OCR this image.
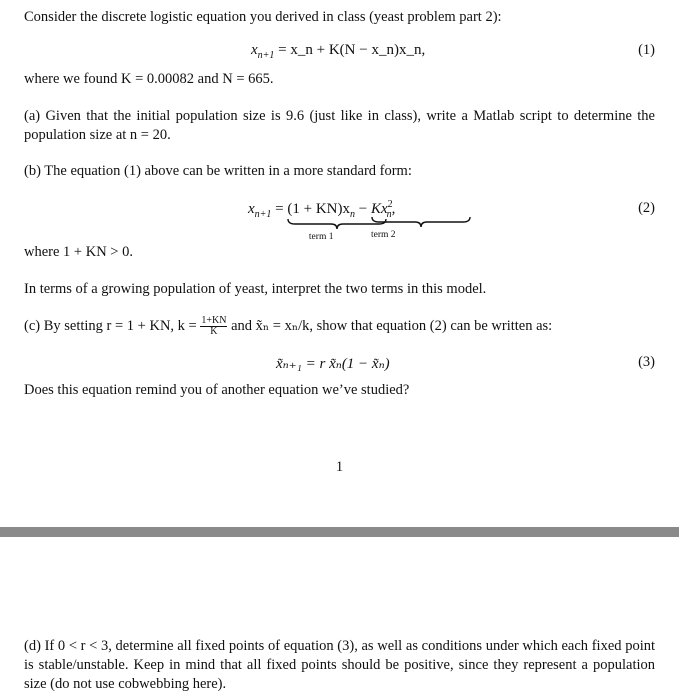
Consider the discrete logistic equation you derived in class (yeast problem part 2):
$x_{n+1}$ = x_n + K(N − x_n)x_n,	(1)
where we found K = 0.00082 and N = 665.
(a) Given that the initial population size is 9.6 (just like in class), write a Matlab script to determine the population size at n = 20.
(b) The equation (1) above can be written in a more standard form:
$x_{n+1} = (1 + KN)x_n$
term 1
− $Kx^2_n$,
term 2
(2)
where 1 + KN > 0.
In terms of a growing population of yeast, interpret the two terms in this model.
(c) By setting r = 1 + KN, $k = \frac{1+KN}{K}$ and x̃ₙ = xₙ/k, show that equation (2) can be written as:
x̃ₙ₊₁ = r x̃ₙ(1 − x̃ₙ)	(3)
Does this equation remind you of another equation we’ve studied?
1
(d) If 0 < r < 3, determine all fixed points of equation (3), as well as conditions under which each fixed point is stable/unstable. Keep in mind that all fixed points should be positive, since they represent a population size (do not use cobwebbing here).
